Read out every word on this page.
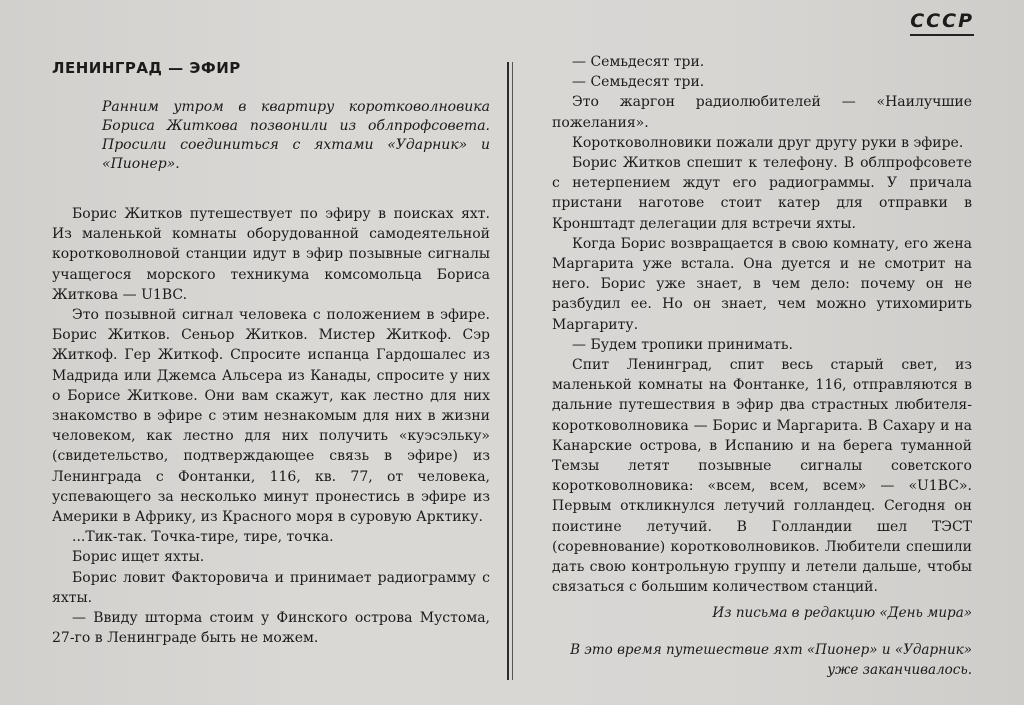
СССР
ЛЕНИНГРАД — ЭФИР
Ранним утром в квартиру коротковолновика Бориса Житкова позвонили из облпрофсовета. Просили соединиться с яхтами «Ударник» и «Пионер».

Борис Житков путешествует по эфиру в поисках яхт. Из маленькой комнаты оборудованной самодеятельной коротковолновой станции идут в эфир позывные сигналы учащегося морского техникума комсомольца Бориса Житкова — U1BC.

Это позывной сигнал человека с положением в эфире. Борис Житков. Сеньор Житков. Мистер Житкоф. Сэр Житкоф. Гер Житкоф. Спросите испанца Гардошалес из Мадрида или Джемса Альсера из Канады, спросите у них о Борисе Житкове. Они вам скажут, как лестно для них знакомство в эфире с этим незнакомым для них в жизни человеком, как лестно для них получить «куэсэльку» (свидетельство, подтверждающее связь в эфире) из Ленинграда с Фонтанки, 116, кв. 77, от человека, успевающего за несколько минут пронестись в эфире из Америки в Африку, из Красного моря в суровую Арктику.

...Тик-так. Точка-тире, тире, точка.

Борис ищет яхты.

Борис ловит Факторовича и принимает радиограмму с яхты.

— Ввиду шторма стоим у Финского острова Мустома, 27-го в Ленинграде быть не можем.

— Семьдесят три.

— Семьдесят три.

Это жаргон радиолюбителей — «Наилучшие пожелания».

Коротковолновики пожали друг другу руки в эфире.

Борис Житков спешит к телефону. В облпрофсовете с нетерпением ждут его радиограммы. У причала пристани наготове стоит катер для отправки в Кронштадт делегации для встречи яхты.

Когда Борис возвращается в свою комнату, его жена Маргарита уже встала. Она дуется и не смотрит на него. Борис уже знает, в чем дело: почему он не разбудил ее. Но он знает, чем можно утихомирить Маргариту.

— Будем тропики принимать.

Спит Ленинград, спит весь старый свет, из маленькой комнаты на Фонтанке, 116, отправляются в дальние путешествия в эфир два страстных любителя-коротковолновика — Борис и Маргарита. В Сахару и на Канарские острова, в Испанию и на берега туманной Темзы летят позывные сигналы советского коротковолновика: «всем, всем, всем» — «U1BC». Первым откликнулся летучий голландец. Сегодня он поистине летучий. В Голландии шел ТЭСТ (соревнование) коротковолновиков. Любители спешили дать свою контрольную группу и летели дальше, чтобы связаться с большим количеством станций.

Из письма в редакцию «День мира»
В это время путешествие яхт «Пионер» и «Ударник» уже заканчивалось.
